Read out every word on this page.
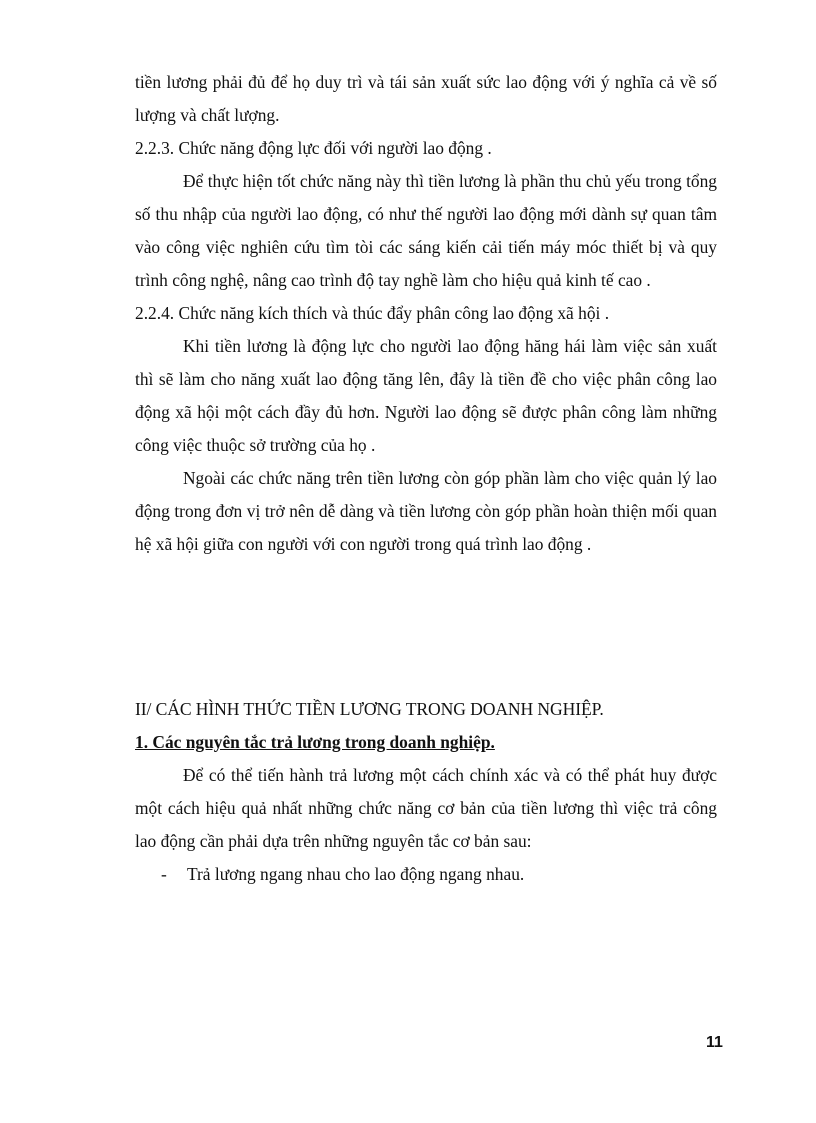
tiền lương phải đủ để họ duy trì và tái sản xuất sức lao động với ý nghĩa cả về số lượng và chất lượng.

2.2.3. Chức năng động lực đối với người lao động .

Để thực hiện tốt chức năng này thì tiền lương là phần thu chủ yếu trong tổng số thu nhập của người lao động, có như thế người lao động mới dành sự quan tâm vào công việc nghiên cứu tìm tòi các sáng kiến cải tiến máy móc thiết bị và quy trình công nghệ, nâng cao trình độ tay nghề làm cho hiệu quả kinh tế cao .

2.2.4. Chức năng kích thích và thúc đẩy phân công lao động xã hội .

Khi tiền lương là động lực cho người lao động hăng hái làm việc sản xuất thì sẽ làm cho năng xuất lao động tăng lên, đây là tiền đề cho việc phân công lao động xã hội một cách đầy đủ hơn. Người lao động sẽ được phân công làm những công việc thuộc sở trường của họ .

Ngoài các chức năng trên tiền lương còn góp phần làm cho việc quản lý lao động trong đơn vị trở nên dễ dàng và tiền lương còn góp phần hoàn thiện mối quan hệ xã hội giữa con người với con người trong quá trình lao động .

II/ CÁC HÌNH THỨC TIỀN LƯƠNG TRONG DOANH NGHIỆP.

1. Các nguyên tắc trả lương trong doanh nghiệp.

Để có thể tiến hành trả lương một cách chính xác và có thể phát huy được một cách hiệu quả nhất những chức năng cơ bản của tiền lương thì việc trả công lao động cần phải dựa trên những nguyên tắc cơ bản sau:

- Trả lương ngang nhau cho lao động ngang nhau.

11
